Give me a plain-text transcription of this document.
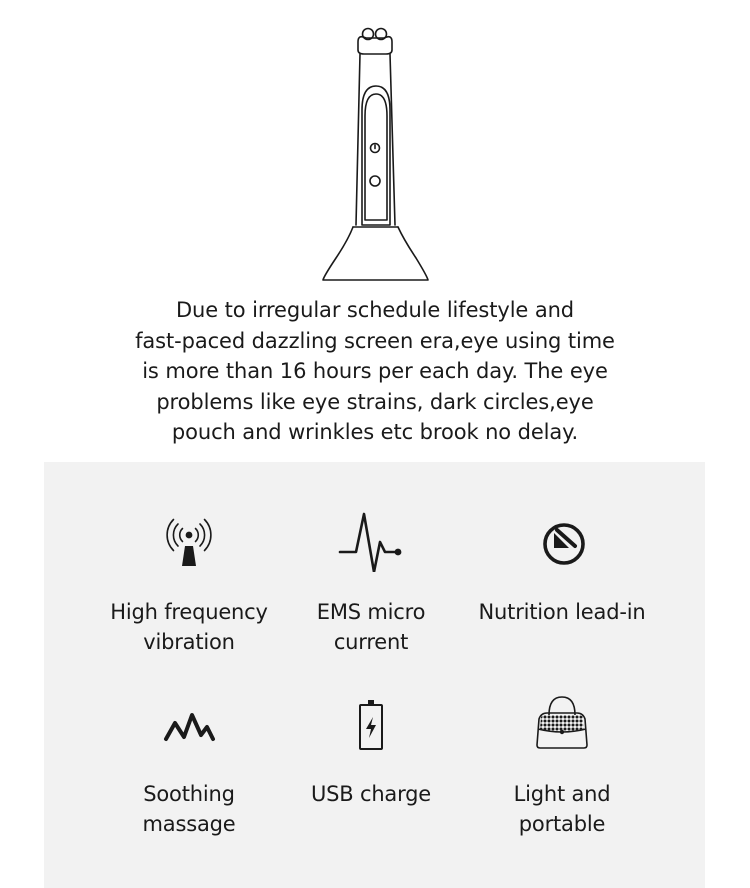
Due to irregular schedule lifestyle and
fast-paced dazzling screen era,eye using time
is more than 16 hours per each day. The eye
problems like eye strains, dark circles,eye
pouch and wrinkles etc brook no delay.
High frequency
vibration
EMS micro
current
Nutrition lead-in
Soothing
massage
USB charge	Light and
portable
